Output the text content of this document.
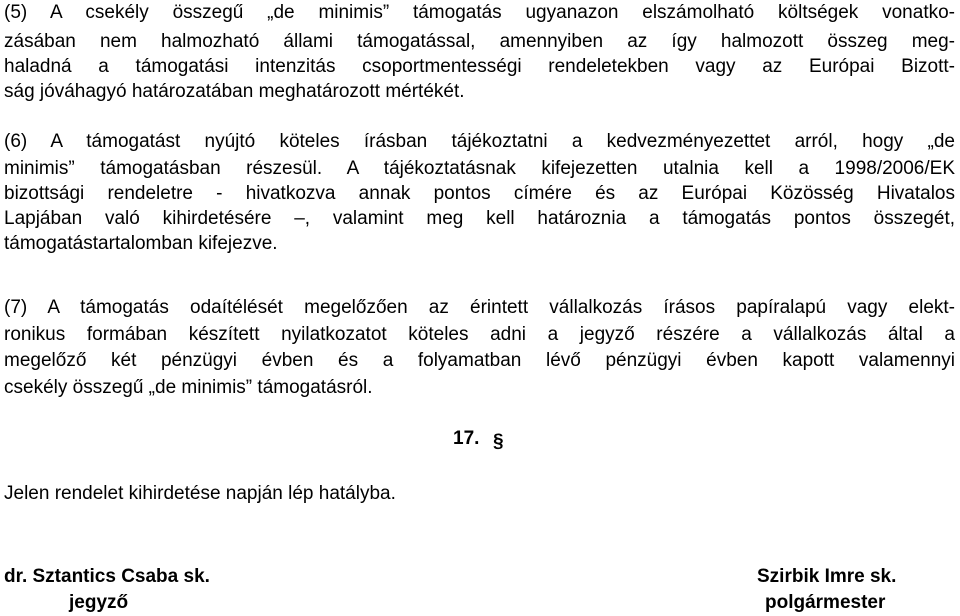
(5) A csekély összegű „de minimis” támogatás ugyanazon elszámolható költségek vonatko-

zásában nem halmozható állami támogatással, amennyiben az így halmozott összeg meg-

haladná a támogatási intenzitás csoportmentességi rendeletekben vagy az Európai Bizott-

ság jóváhagyó határozatában meghatározott mértékét.

(6) A támogatást nyújtó köteles írásban tájékoztatni a kedvezményezettet arról, hogy „de

minimis” támogatásban részesül. A tájékoztatásnak kifejezetten utalnia kell a 1998/2006/EK

bizottsági rendeletre - hivatkozva annak pontos címére és az Európai Közösség Hivatalos

Lapjában való kihirdetésére –, valamint meg kell határoznia a támogatás pontos összegét,

támogatástartalomban kifejezve.

(7) A támogatás odaítélését megelőzően az érintett vállalkozás írásos papíralapú vagy elekt-

ronikus formában készített nyilatkozatot köteles adni a jegyző részére a vállalkozás által a

megelőző két pénzügyi évben és a folyamatban lévő pénzügyi évben kapott valamennyi

csekély összegű „de minimis” támogatásról.

17. §

Jelen rendelet kihirdetése napján lép hatályba.

dr. Sztantics Csaba sk.
jegyző
Szirbik Imre sk.
polgármester
